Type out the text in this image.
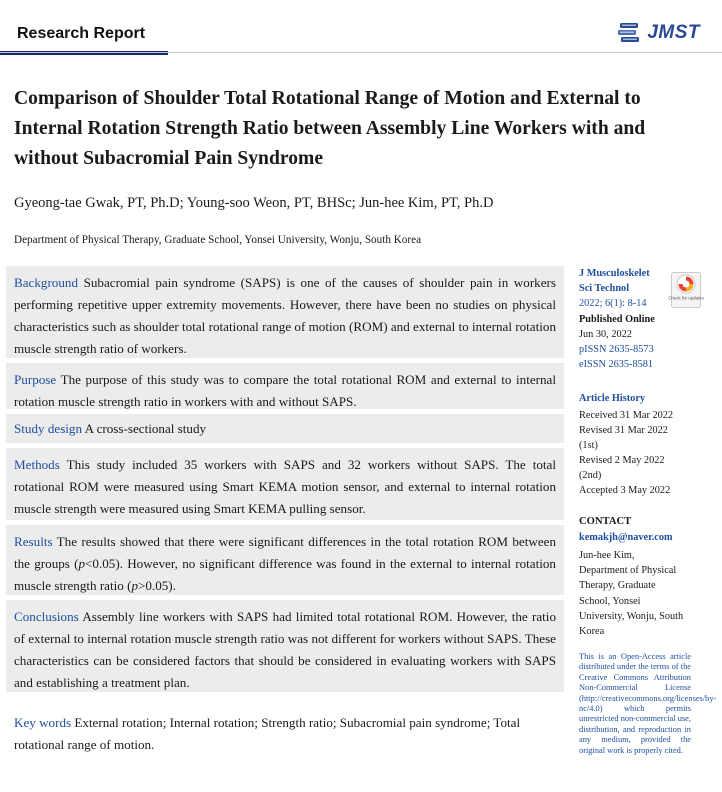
Research Report	JMST
Comparison of Shoulder Total Rotational Range of Motion and External to Internal Rotation Strength Ratio between Assembly Line Workers with and without Subacromial Pain Syndrome
Gyeong-tae Gwak, PT, Ph.D; Young-soo Weon, PT, BHSc; Jun-hee Kim, PT, Ph.D
Department of Physical Therapy, Graduate School, Yonsei University, Wonju, South Korea
Background Subacromial pain syndrome (SAPS) is one of the causes of shoulder pain in workers performing repetitive upper extremity movements. However, there have been no studies on physical characteristics such as shoulder total rotational range of motion (ROM) and external to internal rotation muscle strength ratio of workers.
Purpose The purpose of this study was to compare the total rotational ROM and external to internal rotation muscle strength ratio in workers with and without SAPS.
Study design A cross-sectional study
Methods This study included 35 workers with SAPS and 32 workers without SAPS. The total rotational ROM were measured using Smart KEMA motion sensor, and external to internal rotation muscle strength were measured using Smart KEMA pulling sensor.
Results The results showed that there were significant differences in the total rotation ROM between the groups (p<0.05). However, no significant difference was found in the external to internal rotation muscle strength ratio (p>0.05).
Conclusions Assembly line workers with SAPS had limited total rotational ROM. However, the ratio of external to internal rotation muscle strength ratio was not different for workers without SAPS. These characteristics can be considered factors that should be considered in evaluating workers with SAPS and establishing a treatment plan.
Key words External rotation; Internal rotation; Strength ratio; Subacromial pain syndrome; Total rotational range of motion.
J Musculoskelet
Sci Technol
2022; 6(1): 8-14
Published Online
Jun 30, 2022
pISSN 2635-8573
eISSN 2635-8581
Check for updates
Article History
Received 31 Mar 2022
Revised 31 Mar 2022
(1st)
Revised 2 May 2022
(2nd)
Accepted 3 May 2022
CONTACT
kemakjh@naver.com
Jun-hee Kim,
Department of Physical
Therapy, Graduate
School, Yonsei
University, Wonju, South
Korea
This is an Open-Access article distributed under the terms of the Creative Commons Attribution Non-Commercial License (http://creativecommons.org/licenses/by-nc/4.0) which permits unrestricted non-commercial use, distribution, and reproduction in any medium, provided the original work is properly cited.
